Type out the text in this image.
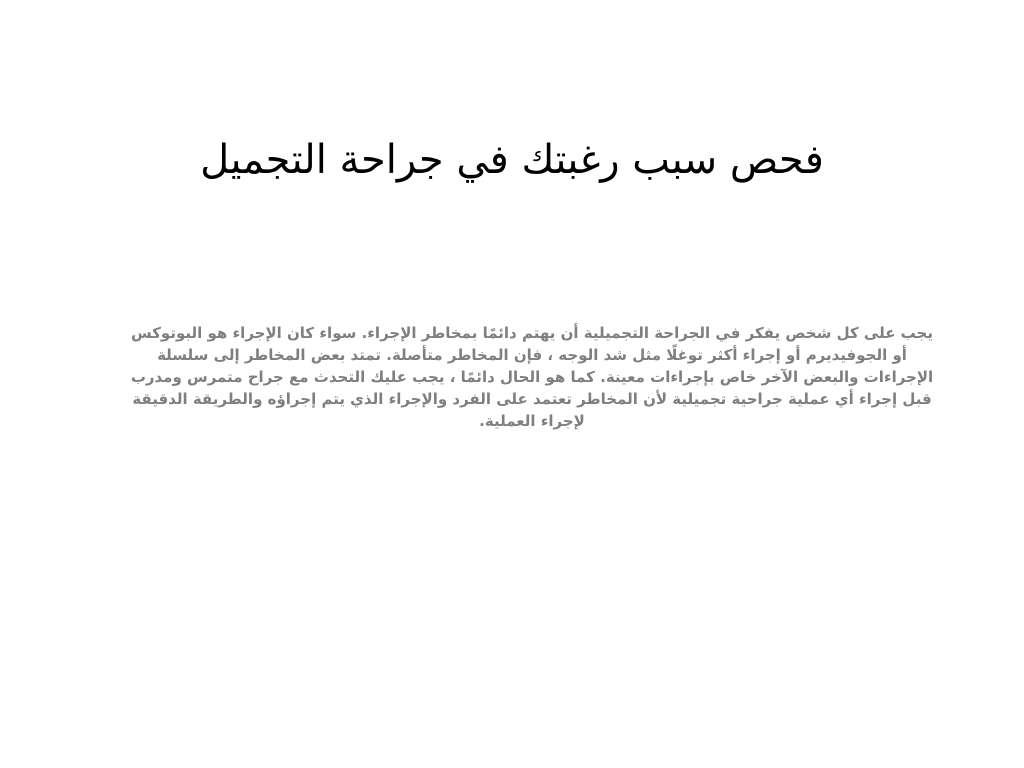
فحص سبب رغبتك في جراحة التجميل

يجب على كل شخص يفكر في الجراحة التجميلية أن يهتم دائمًا بمخاطر الإجراء. سواء كان الإجراء هو البوتوكس أو الجوفيديرم أو إجراء أكثر توغلًا مثل شد الوجه ، فإن المخاطر متأصلة. تمتد بعض المخاطر إلى سلسلة الإجراءات والبعض الآخر خاص بإجراءات معينة. كما هو الحال دائمًا ، يجب عليك التحدث مع جراح متمرس ومدرب قبل إجراء أي عملية جراحية تجميلية لأن المخاطر تعتمد على الفرد والإجراء الذي يتم إجراؤه والطريقة الدقيقة لإجراء العملية.
